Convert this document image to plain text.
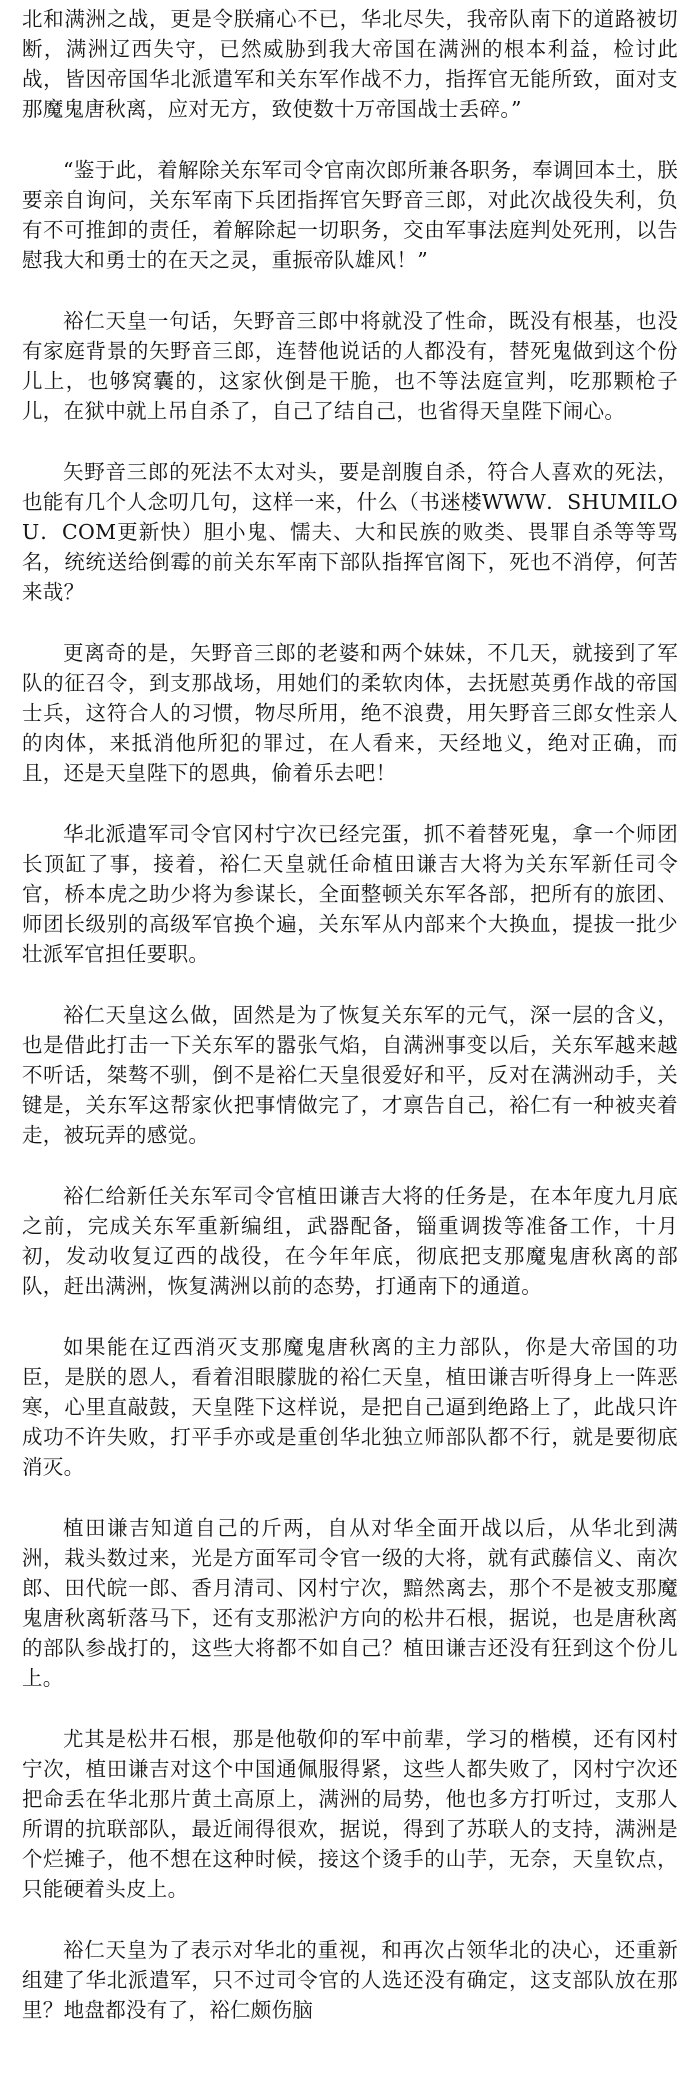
北和满洲之战，更是令朕痛心不已，华北尽失，我帝队南下的道路被切断，满洲辽西失守，已然威胁到我大帝国在满洲的根本利益，检讨此战，皆因帝国华北派遣军和关东军作战不力，指挥官无能所致，面对支那魔鬼唐秋离，应对无方，致使数十万帝国战士丢碎。”

“鉴于此，着解除关东军司令官南次郎所兼各职务，奉调回本土，朕要亲自询问，关东军南下兵团指挥官矢野音三郎，对此次战役失利，负有不可推卸的责任，着解除起一切职务，交由军事法庭判处死刑，以告慰我大和勇士的在天之灵，重振帝队雄风！”

裕仁天皇一句话，矢野音三郎中将就没了性命，既没有根基，也没有家庭背景的矢野音三郎，连替他说话的人都没有，替死鬼做到这个份儿上，也够窝囊的，这家伙倒是干脆，也不等法庭宣判，吃那颗枪子儿，在狱中就上吊自杀了，自己了结自己，也省得天皇陛下闹心。

矢野音三郎的死法不太对头，要是剖腹自杀，符合人喜欢的死法，也能有几个人念叨几句，这样一来，什么（书迷楼WWW．SHUMILOU．COM更新快）胆小鬼、懦夫、大和民族的败类、畏罪自杀等等骂名，统统送给倒霉的前关东军南下部队指挥官阁下，死也不消停，何苦来哉？

更离奇的是，矢野音三郎的老婆和两个妹妹，不几天，就接到了军队的征召令，到支那战场，用她们的柔软肉体，去抚慰英勇作战的帝国士兵，这符合人的习惯，物尽所用，绝不浪费，用矢野音三郎女性亲人的肉体，来抵消他所犯的罪过，在人看来，天经地义，绝对正确，而且，还是天皇陛下的恩典，偷着乐去吧！

华北派遣军司令官冈村宁次已经完蛋，抓不着替死鬼，拿一个师团长顶缸了事，接着，裕仁天皇就任命植田谦吉大将为关东军新任司令官，桥本虎之助少将为参谋长，全面整顿关东军各部，把所有的旅团、师团长级别的高级军官换个遍，关东军从内部来个大换血，提拔一批少壮派军官担任要职。

裕仁天皇这么做，固然是为了恢复关东军的元气，深一层的含义，也是借此打击一下关东军的嚣张气焰，自满洲事变以后，关东军越来越不听话，桀骜不驯，倒不是裕仁天皇很爱好和平，反对在满洲动手，关键是，关东军这帮家伙把事情做完了，才禀告自己，裕仁有一种被夹着走，被玩弄的感觉。

裕仁给新任关东军司令官植田谦吉大将的任务是，在本年度九月底之前，完成关东军重新编组，武器配备，锱重调拨等准备工作，十月初，发动收复辽西的战役，在今年年底，彻底把支那魔鬼唐秋离的部队，赶出满洲，恢复满洲以前的态势，打通南下的通道。

如果能在辽西消灭支那魔鬼唐秋离的主力部队，你是大帝国的功臣，是朕的恩人，看着泪眼朦胧的裕仁天皇，植田谦吉听得身上一阵恶寒，心里直敲鼓，天皇陛下这样说，是把自己逼到绝路上了，此战只许成功不许失败，打平手亦或是重创华北独立师部队都不行，就是要彻底消灭。

植田谦吉知道自己的斤两，自从对华全面开战以后，从华北到满洲，栽头数过来，光是方面军司令官一级的大将，就有武藤信义、南次郎、田代皖一郎、香月清司、冈村宁次，黯然离去，那个不是被支那魔鬼唐秋离斩落马下，还有支那淞沪方向的松井石根，据说，也是唐秋离的部队参战打的，这些大将都不如自己？植田谦吉还没有狂到这个份儿上。

尤其是松井石根，那是他敬仰的军中前辈，学习的楷模，还有冈村宁次，植田谦吉对这个中国通佩服得紧，这些人都失败了，冈村宁次还把命丢在华北那片黄土高原上，满洲的局势，他也多方打听过，支那人所谓的抗联部队，最近闹得很欢，据说，得到了苏联人的支持，满洲是个烂摊子，他不想在这种时候，接这个烫手的山芋，无奈，天皇钦点，只能硬着头皮上。

裕仁天皇为了表示对华北的重视，和再次占领华北的决心，还重新组建了华北派遣军，只不过司令官的人选还没有确定，这支部队放在那里？地盘都没有了，裕仁颇伤脑
